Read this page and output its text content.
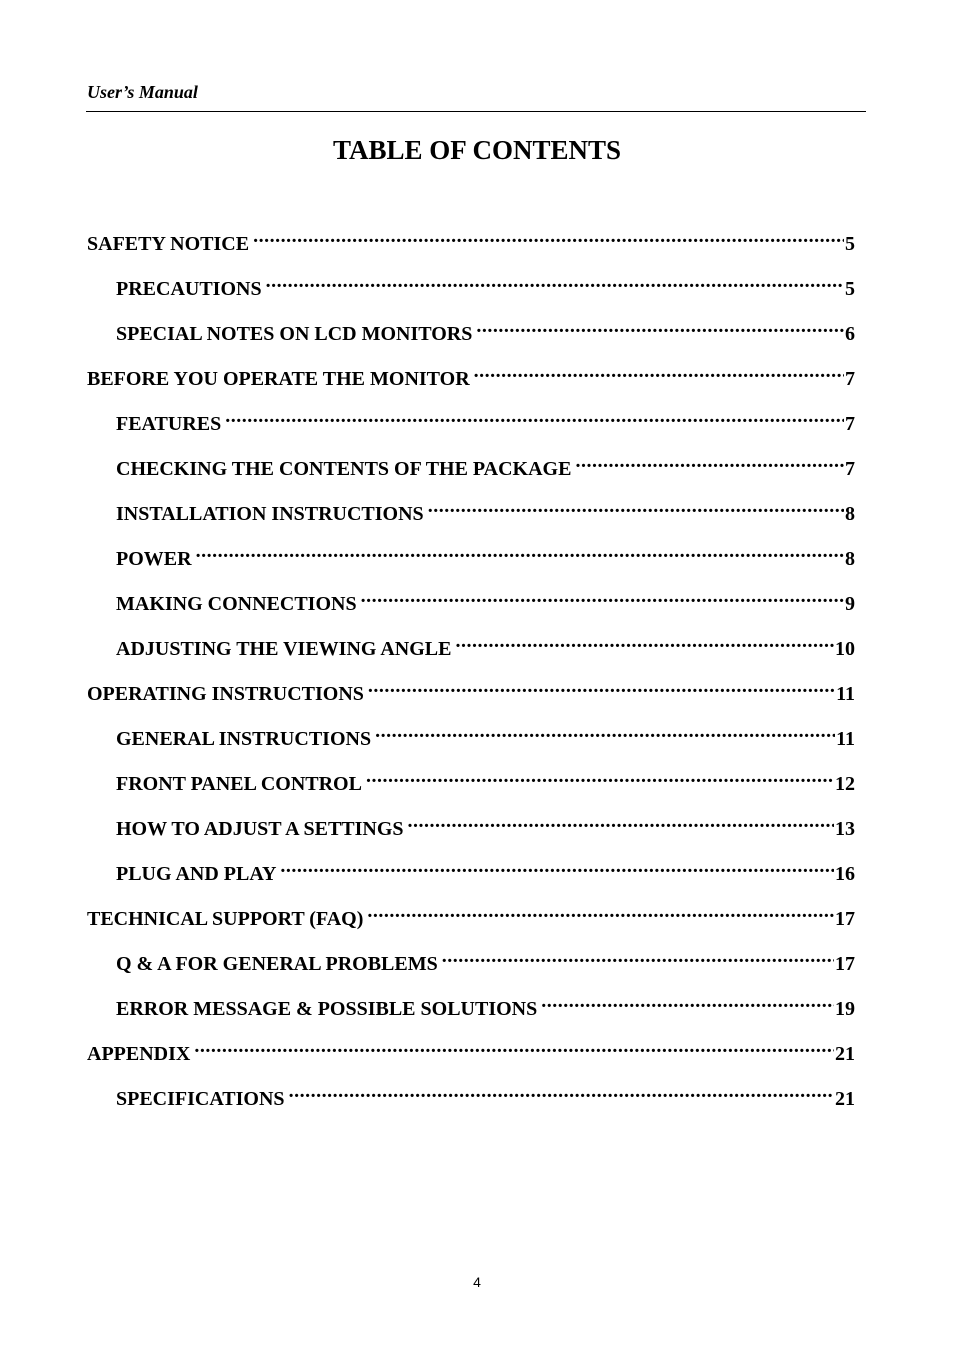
User’s Manual
TABLE OF CONTENTS
SAFETY NOTICE .....	5
PRECAUTIONS .....	5
SPECIAL NOTES ON LCD MONITORS .....	6
BEFORE YOU OPERATE THE MONITOR .....	7
FEATURES .....	7
CHECKING THE CONTENTS OF THE PACKAGE .....	7
INSTALLATION INSTRUCTIONS .....	8
POWER .....	8
MAKING CONNECTIONS .....	9
ADJUSTING THE VIEWING ANGLE .....	10
OPERATING INSTRUCTIONS .....	11
GENERAL INSTRUCTIONS .....	11
FRONT PANEL CONTROL .....	12
HOW TO ADJUST A SETTINGS .....	13
PLUG AND PLAY .....	16
TECHNICAL SUPPORT (FAQ) .....	17
Q & A FOR GENERAL PROBLEMS .....	17
ERROR MESSAGE & POSSIBLE SOLUTIONS .....	19
APPENDIX .....	21
SPECIFICATIONS .....	21
4
